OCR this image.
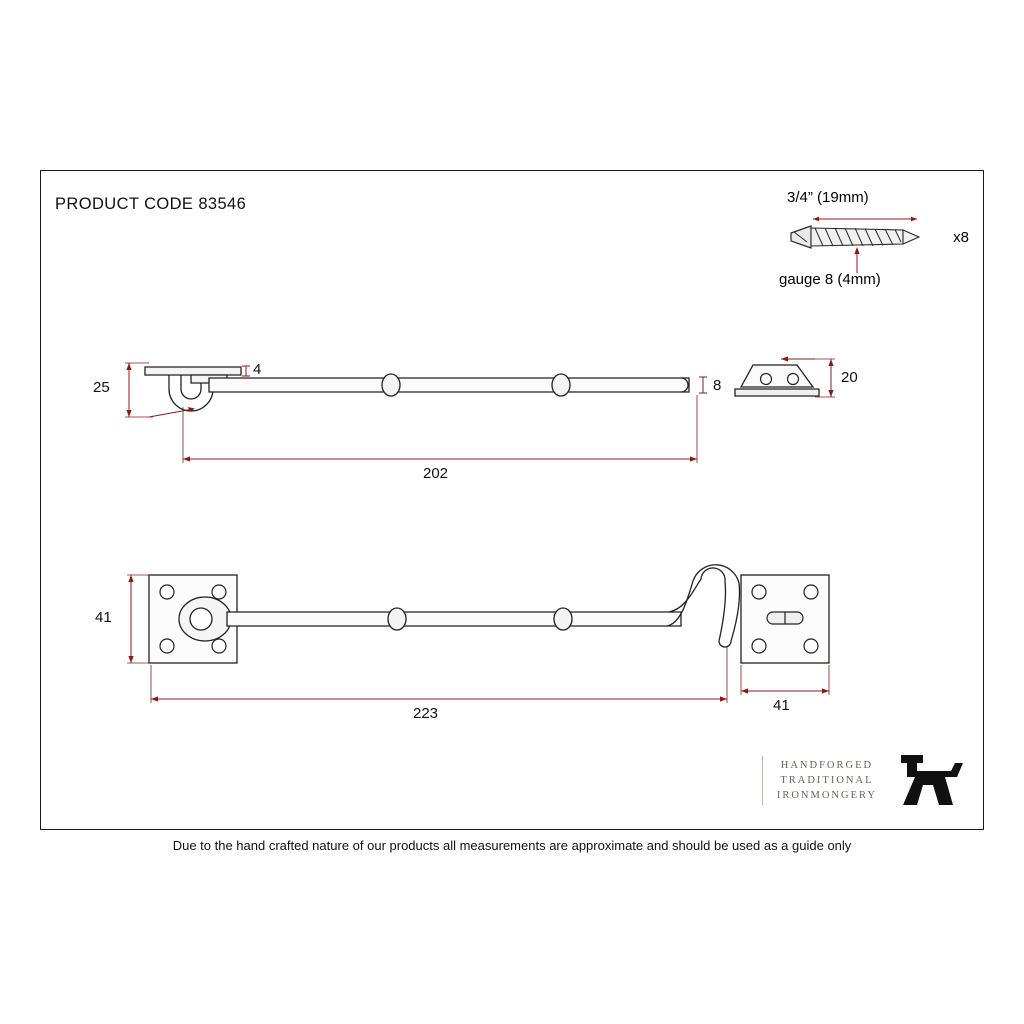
PRODUCT CODE 83546	3/4” (19mm)
gauge 8 (4mm)
x8
25
4
8
202
20
41
223	41
HANDFORGED
TRADITIONAL
IRONMONGERY
Due to the hand crafted nature of our products all measurements are approximate and should be used as a guide only
